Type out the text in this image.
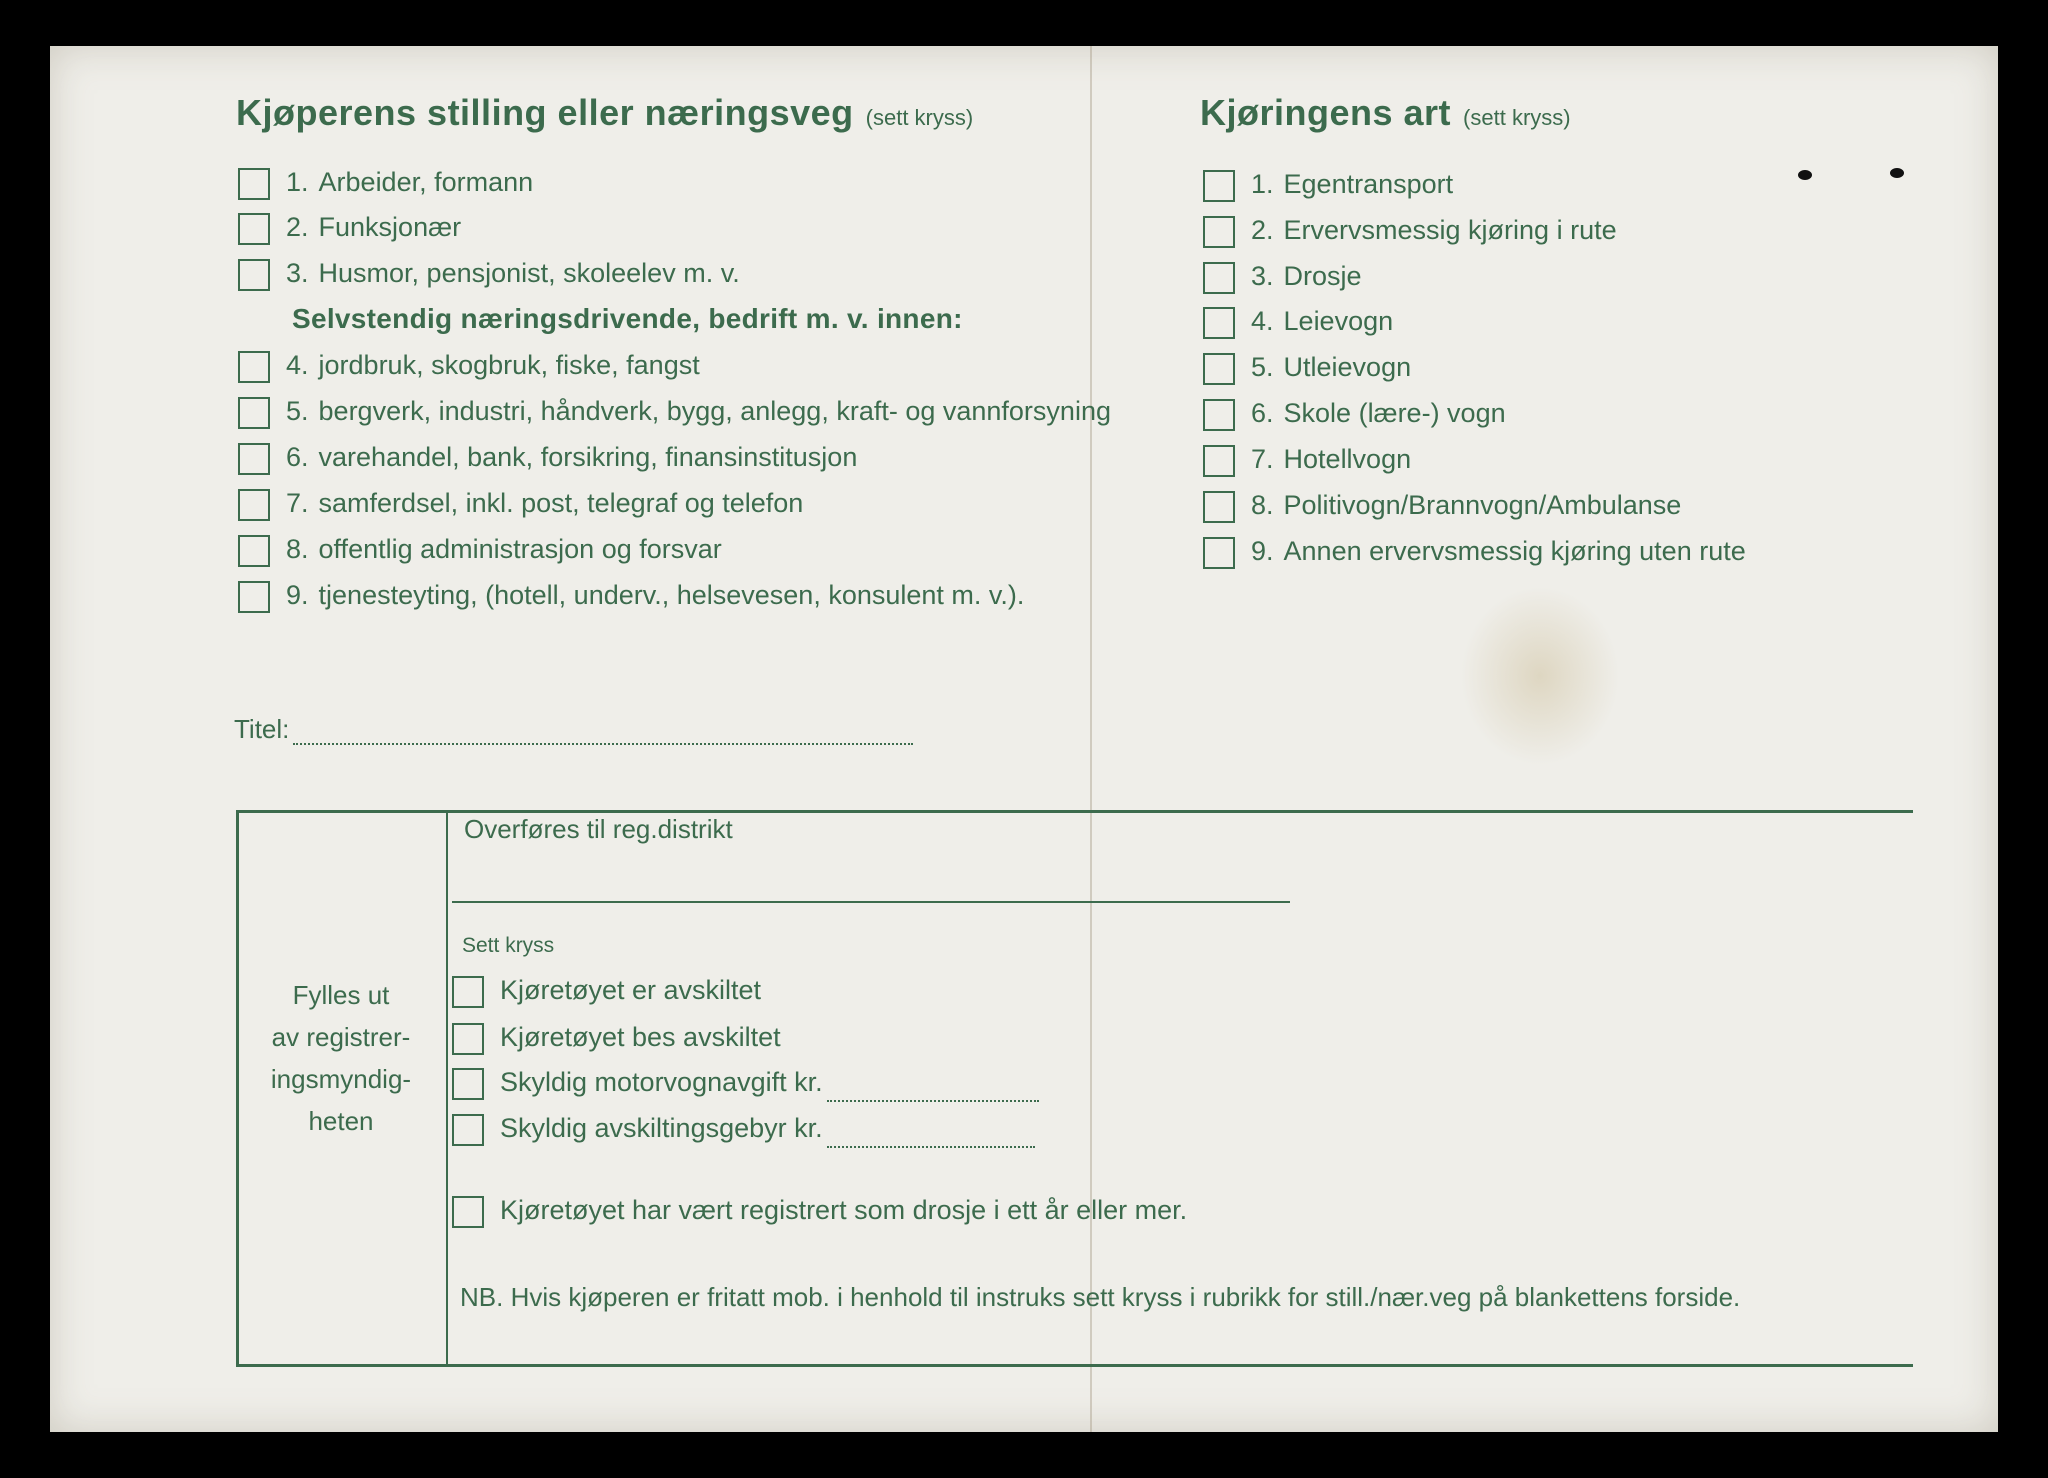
Kjøperens stilling eller næringsveg (sett kryss)
1. Arbeider, formann
2. Funksjonær
3. Husmor, pensjonist, skoleelev m. v.
Selvstendig næringsdrivende, bedrift m. v. innen:
4. jordbruk, skogbruk, fiske, fangst
5. bergverk, industri, håndverk, bygg, anlegg, kraft- og vannforsyning
6. varehandel, bank, forsikring, finansinstitusjon
7. samferdsel, inkl. post, telegraf og telefon
8. offentlig administrasjon og forsvar
9. tjenesteyting, (hotell, underv., helsevesen, konsulent m. v.).
Titel:
Kjøringens art (sett kryss)
1. Egentransport
2. Ervervsmessig kjøring i rute
3. Drosje
4. Leievogn
5. Utleievogn
6. Skole (lære-) vogn
7. Hotellvogn
8. Politivogn/Brannvogn/Ambulanse
9. Annen ervervsmessig kjøring uten rute
Fylles ut
av registrer-
ingsmyndig-
heten
Overføres til reg.distrikt
Sett kryss
Kjøretøyet er avskiltet
Kjøretøyet bes avskiltet
Skyldig motorvognavgift kr.
Skyldig avskiltingsgebyr kr.
Kjøretøyet har vært registrert som drosje i ett år eller mer.
NB. Hvis kjøperen er fritatt mob. i henhold til instruks sett kryss i rubrikk for still./nær.veg på blankettens forside.
